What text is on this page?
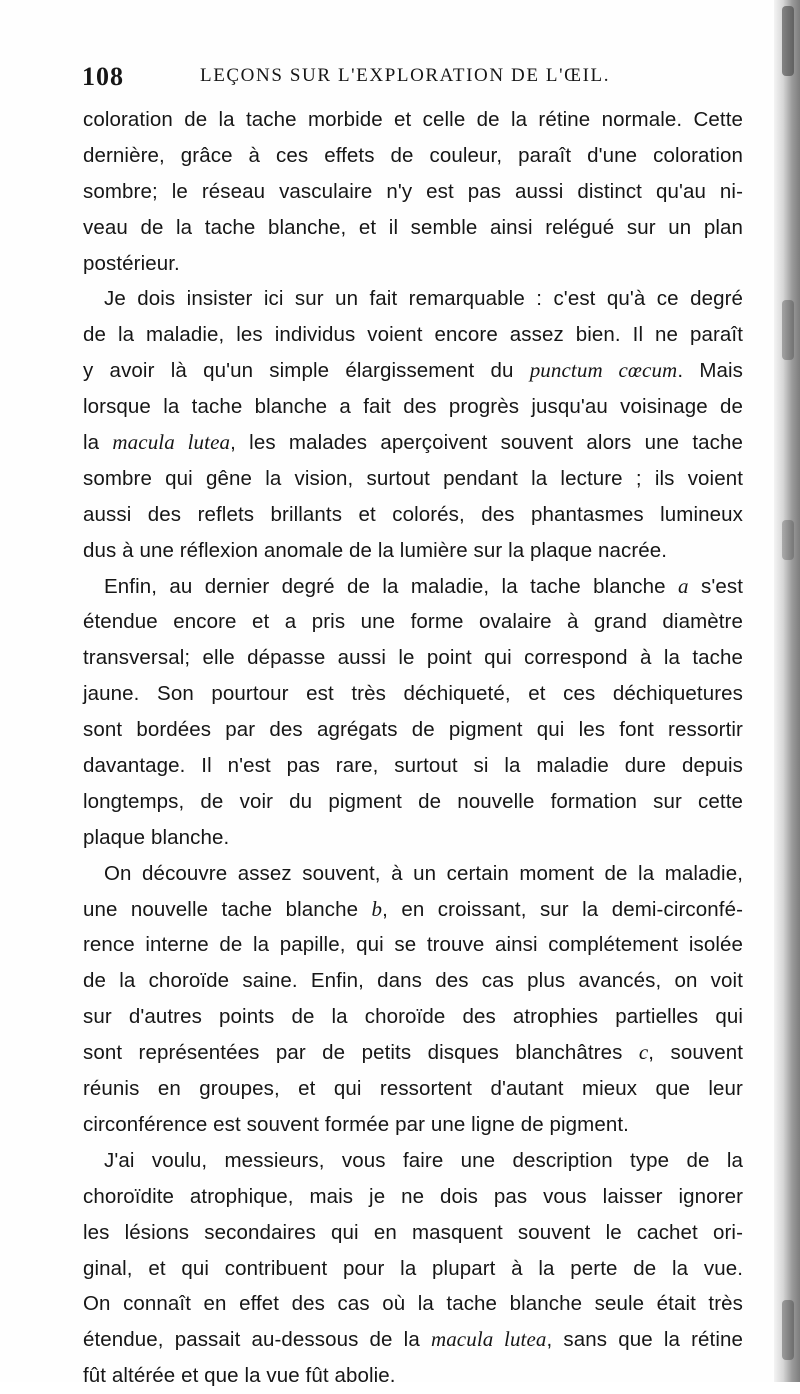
108	LEÇONS SUR L'EXPLORATION DE L'ŒIL.
coloration de la tache morbide et celle de la rétine normale. Cette
dernière, grâce à ces effets de couleur, paraît d'une coloration
sombre; le réseau vasculaire n'y est pas aussi distinct qu'au ni-
veau de la tache blanche, et il semble ainsi relégué sur un plan
postérieur.
Je dois insister ici sur un fait remarquable : c'est qu'à ce degré
de la maladie, les individus voient encore assez bien. Il ne paraît
y avoir là qu'un simple élargissement du punctum cœcum. Mais
lorsque la tache blanche a fait des progrès jusqu'au voisinage de
la macula lutea, les malades aperçoivent souvent alors une tache
sombre qui gêne la vision, surtout pendant la lecture ; ils voient
aussi des reflets brillants et colorés, des phantasmes lumineux
dus à une réflexion anomale de la lumière sur la plaque nacrée.
Enfin, au dernier degré de la maladie, la tache blanche a s'est
étendue encore et a pris une forme ovalaire à grand diamètre
transversal; elle dépasse aussi le point qui correspond à la tache
jaune. Son pourtour est très déchiqueté, et ces déchiquetures
sont bordées par des agrégats de pigment qui les font ressortir
davantage. Il n'est pas rare, surtout si la maladie dure depuis
longtemps, de voir du pigment de nouvelle formation sur cette
plaque blanche.
On découvre assez souvent, à un certain moment de la maladie,
une nouvelle tache blanche b, en croissant, sur la demi-circonfé-
rence interne de la papille, qui se trouve ainsi complétement isolée
de la choroïde saine. Enfin, dans des cas plus avancés, on voit
sur d'autres points de la choroïde des atrophies partielles qui
sont représentées par de petits disques blanchâtres c, souvent
réunis en groupes, et qui ressortent d'autant mieux que leur
circonférence est souvent formée par une ligne de pigment.
J'ai voulu, messieurs, vous faire une description type de la
choroïdite atrophique, mais je ne dois pas vous laisser ignorer
les lésions secondaires qui en masquent souvent le cachet ori-
ginal, et qui contribuent pour la plupart à la perte de la vue.
On connaît en effet des cas où la tache blanche seule était très
étendue, passait au-dessous de la macula lutea, sans que la rétine
fût altérée et que la vue fût abolie.
